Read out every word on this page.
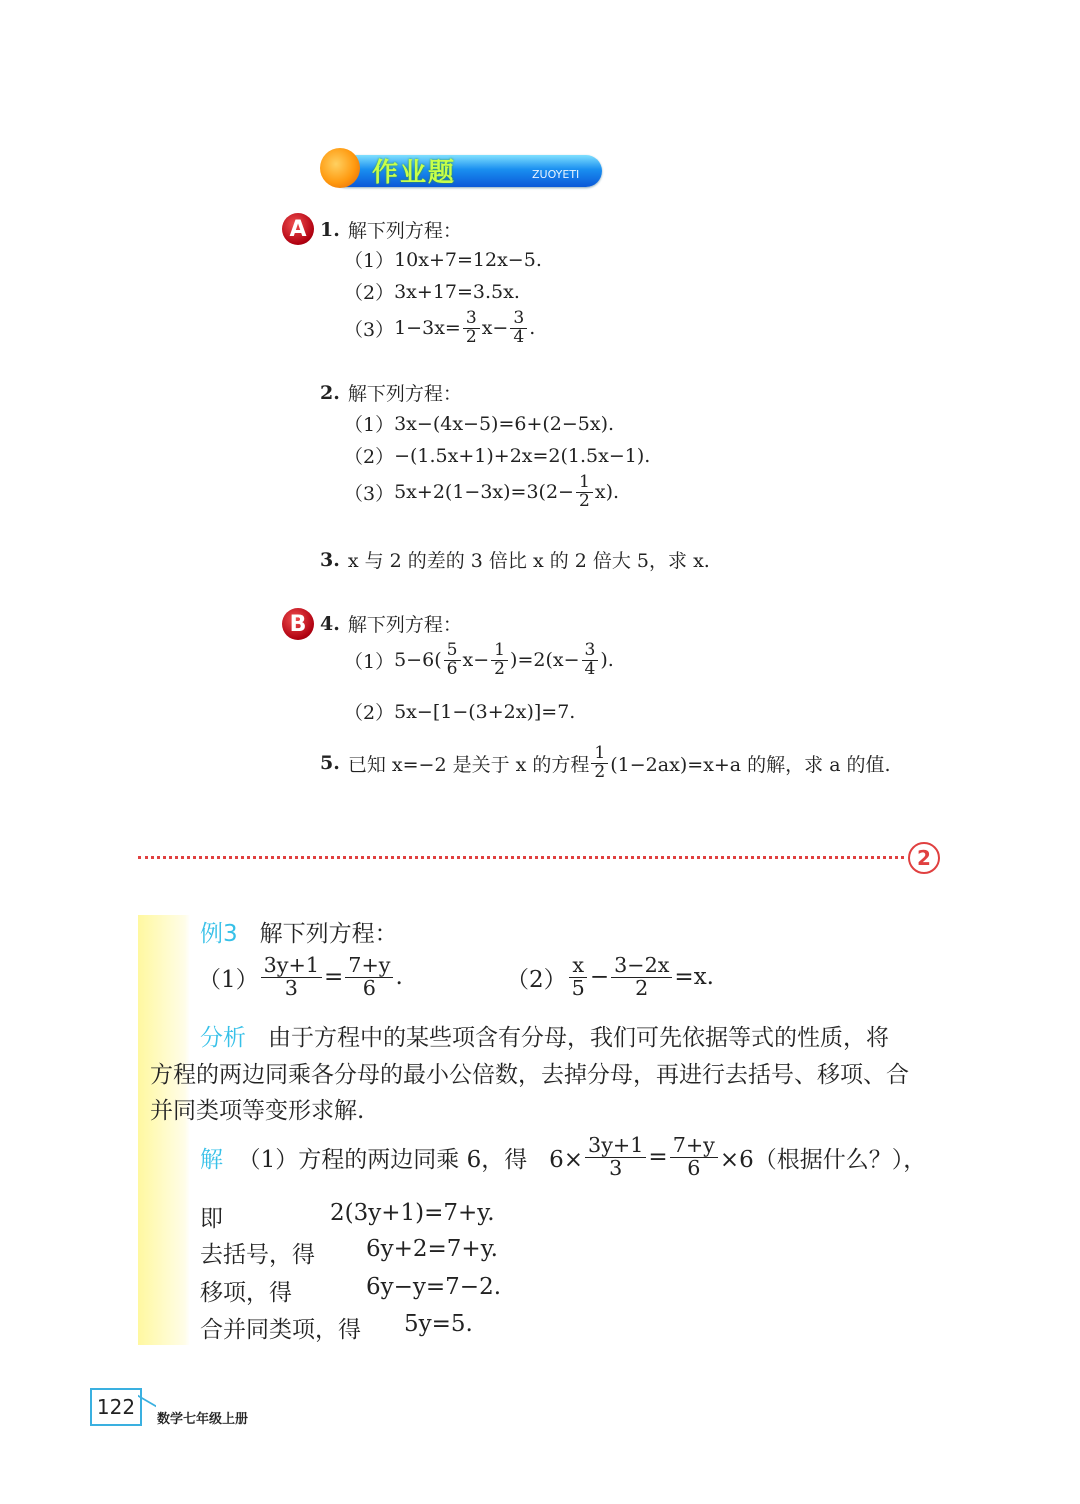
作业题	ZUOYETI
A 1. 解下列方程：
（1） 10x+7=12x−5.
（2） 3x+17=3.5x.
（3） $1-3x= \frac{3}{2} x- \frac{3}{4}$ .
2. 解下列方程：
（1） 3x−(4x−5)=6+(2−5x).
（2） −(1.5x+1)+2x=2(1.5x−1).
（3） $5x+2(1-3x)=3(2- \frac{1}{2} x)$.
3. x 与 2 的差的 3 倍比 x 的 2 倍大 5，求 x.
B 4. 解下列方程：
（1） $5-6( \frac{5}{6} x- \frac{1}{2} )=2(x- \frac{3}{4}$ ).
（2） 5x−[1−(3+2x)]=7.
5. 已知 x=−2 是关于 x 的方程 $\frac{1}{2} (1-2ax)=x+a$ 的解，求 a 的值.
2
例3
解下列方程：
$(1) \frac{3y+1}{3} = \frac{7+y}{6}$ .	$(2) \frac{x}{5} - \frac{3-2x}{2} =x$.
分析 由于方程中的某些项含有分母，我们可先依据等式的性质，将
方程的两边同乘各分母的最小公倍数，去掉分母，再进行去括号、移项、合
并同类项等变形求解.
解
（1）方程的两边同乘 6，得   $6\times \frac{3y+1}{3} = \frac{7+y}{6} \times 6$（根据什么？），
即	2(3y+1)=7+y.
去括号，得 6y+2=7+y.
移项，得	6y−y=7−2.
合并同类项，得 5y=5.
122
数学七年级上册
